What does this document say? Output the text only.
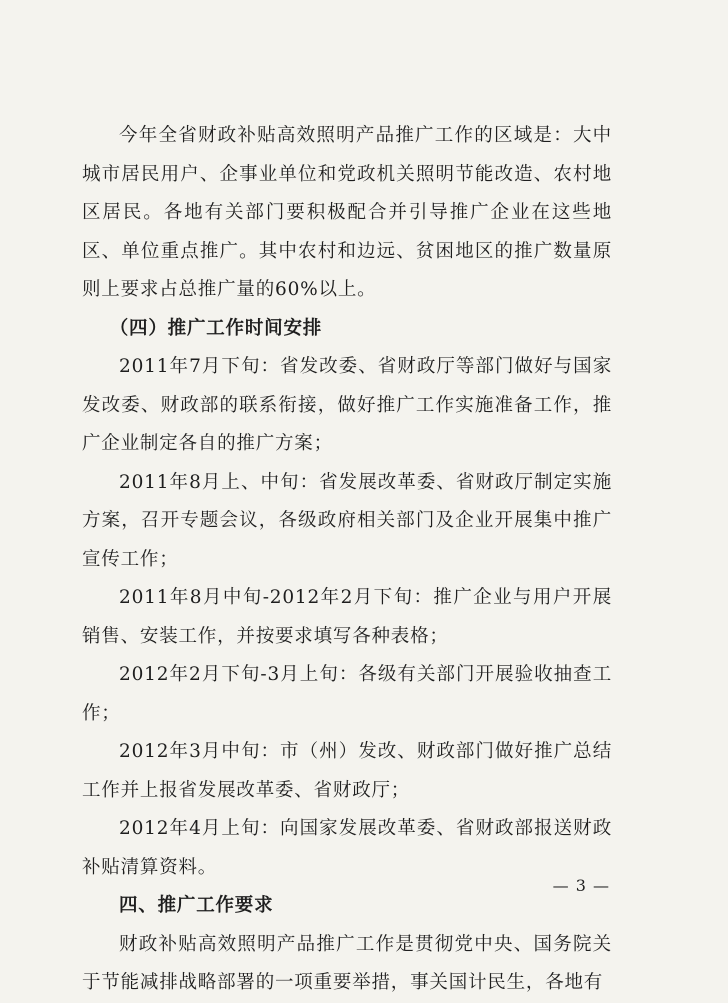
今年全省财政补贴高效照明产品推广工作的区域是：大中城市居民用户、企事业单位和党政机关照明节能改造、农村地区居民。各地有关部门要积极配合并引导推广企业在这些地区、单位重点推广。其中农村和边远、贫困地区的推广数量原则上要求占总推广量的60%以上。

（四）推广工作时间安排

2011年7月下旬：省发改委、省财政厅等部门做好与国家发改委、财政部的联系衔接，做好推广工作实施准备工作，推广企业制定各自的推广方案；

2011年8月上、中旬：省发展改革委、省财政厅制定实施方案，召开专题会议，各级政府相关部门及企业开展集中推广宣传工作；

2011年8月中旬-2012年2月下旬：推广企业与用户开展销售、安装工作，并按要求填写各种表格；

2012年2月下旬-3月上旬：各级有关部门开展验收抽查工作；

2012年3月中旬：市（州）发改、财政部门做好推广总结工作并上报省发展改革委、省财政厅；

2012年4月上旬：向国家发展改革委、省财政部报送财政补贴清算资料。

四、推广工作要求

财政补贴高效照明产品推广工作是贯彻党中央、国务院关于节能减排战略部署的一项重要举措，事关国计民生，各地有

— 3 —
